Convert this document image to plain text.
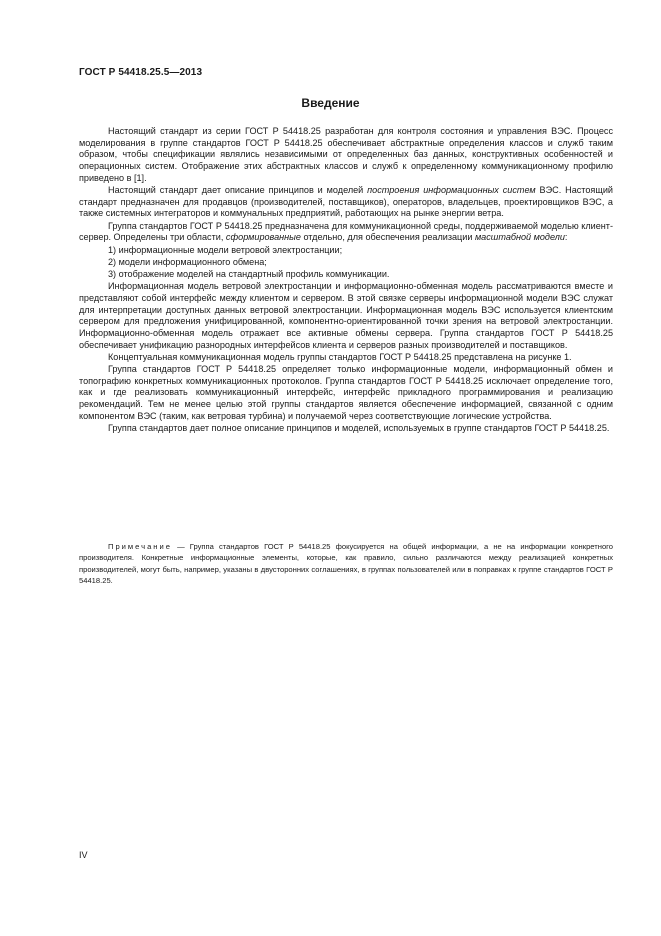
ГОСТ Р 54418.25.5—2013
Введение

Настоящий стандарт из серии ГОСТ Р 54418.25 разработан для контроля состояния и управления ВЭС. Процесс моделирования в группе стандартов ГОСТ Р 54418.25 обеспечивает абстрактные определения классов и служб таким образом, чтобы спецификации являлись независимыми от определенных баз данных, конструктивных особенностей и операционных систем. Отображение этих абстрактных классов и служб к определенному коммуникационному профилю приведено в [1].

Настоящий стандарт дает описание принципов и моделей построения информационных систем ВЭС. Настоящий стандарт предназначен для продавцов (производителей, поставщиков), операторов, владельцев, проектировщиков ВЭС, а также системных интеграторов и коммунальных предприятий, работающих на рынке энергии ветра.

Группа стандартов ГОСТ Р 54418.25 предназначена для коммуникационной среды, поддерживаемой моделью клиент-сервер. Определены три области, сформированные отдельно, для обеспечения реализации масштабной модели:

1) информационные модели ветровой электростанции;

2) модели информационного обмена;

3) отображение моделей на стандартный профиль коммуникации.

Информационная модель ветровой электростанции и информационно-обменная модель рассматриваются вместе и представляют собой интерфейс между клиентом и сервером. В этой связке серверы информационной модели ВЭС служат для интерпретации доступных данных ветровой электростанции. Информационная модель ВЭС используется клиентским сервером для предложения унифицированной, компонентно-ориентированной точки зрения на ветровой электростанции. Информационно-обменная модель отражает все активные обмены сервера. Группа стандартов ГОСТ Р 54418.25 обеспечивает унификацию разнородных интерфейсов клиента и серверов разных производителей и поставщиков.

Концептуальная коммуникационная модель группы стандартов ГОСТ Р 54418.25 представлена на рисунке 1.

Группа стандартов ГОСТ Р 54418.25 определяет только информационные модели, информационный обмен и топографию конкретных коммуникационных протоколов. Группа стандартов ГОСТ Р 54418.25 исключает определение того, как и где реализовать коммуникационный интерфейс, интерфейс прикладного программирования и реализацию рекомендаций. Тем не менее целью этой группы стандартов является обеспечение информацией, связанной с одним компонентом ВЭС (таким, как ветровая турбина) и получаемой через соответствующие логические устройства.

Группа стандартов дает полное описание принципов и моделей, используемых в группе стандартов ГОСТ Р 54418.25.

Примечание — Группа стандартов ГОСТ Р 54418.25 фокусируется на общей информации, а не на информации конкретного производителя. Конкретные информационные элементы, которые, как правило, сильно различаются между реализацией конкретных производителей, могут быть, например, указаны в двусторонних соглашениях, в группах пользователей или в поправках к группе стандартов ГОСТ Р 54418.25.

IV
